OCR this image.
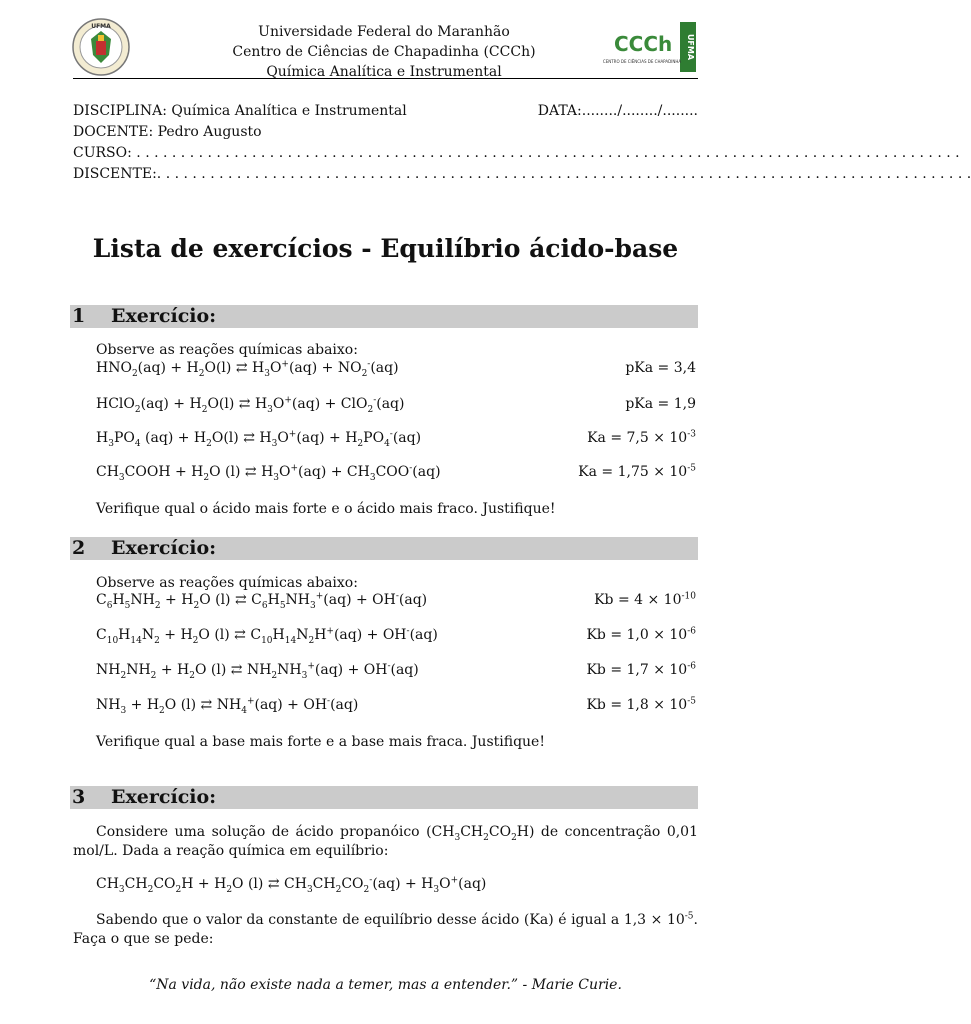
UFMA	Universidade Federal do Maranhão
Centro de Ciências de Chapadinha (CCCh)
Química Analítica e Instrumental
CCCh UFMA
CENTRO DE CIÊNCIAS DE CHAPADINHA
DISCIPLINA: Química Analítica e Instrumental	DATA:......../......../........
DOCENTE: Pedro Augusto
CURSO: . . . . . . . . . . . . . . . . . . . . . . . . . . . . . . . . . . . . . . . . . . . . . . . . . . . . . . . . . . . . . . . . . . . . . . . . . . . . . . . . . . . . . . . . . . . . .
DISCENTE:. . . . . . . . . . . . . . . . . . . . . . . . . . . . . . . . . . . . . . . . . . . . . . . . . . . . . . . . . . . . . . . . . . . . . . . . . . . . . . . . . . . . . . . . . . . .
Lista de exercícios - Equilíbrio ácido-base
1 Exercício:
Observe as reações químicas abaixo:
$HNO_2(aq) + H_2O(l)$ ⇄ $H_3O^+(aq) + NO_2^-(aq)$	pKa = 3,4
HClO$_2$(aq) + $H_2O(l)$ ⇄ $H_3O^+(aq) + ClO_2^-(aq)$	pKa = 1,9
$H_3PO_4$ $(aq) + H_2O(l)$ ⇄ $H_3O^+(aq) + H_2PO_4^-(aq)$	$Ka = 7,5 \times 10^{-3}$
$CH_3COOH + H_2O$ (l) ⇄ $H_3O^+(aq) + CH_3COO^-(aq)$	$Ka = 1,75 \times 10^{-5}$
Verifique qual o ácido mais forte e o ácido mais fraco. Justifique!
2 Exercício:
Observe as reações químicas abaixo:
$C_6H_5NH_2 + H_2O$ (l) ⇄ $C_6H_5NH_3^+(aq) + OH^-(aq)$	$Kb = 4 \times 10^{-10}$
$C_{10}H_{14}N_2 + H_2O$ (l) ⇄ $C_{10}H_{14}N_2H^+(aq) + OH^-(aq)$	$Kb = 1,0 \times 10^{-6}$
$NH_2NH_2 + H_2O$ (l) ⇄ $NH_2NH_3^+(aq) + OH^-(aq)$	$Kb = 1,7 \times 10^{-6}$
$NH_3 + H_2O$ (l) ⇄ $NH_4^+(aq) + OH^-(aq)$	$Kb = 1,8 \times 10^{-5}$
Verifique qual a base mais forte e a base mais fraca. Justifique!
3 Exercício:
Considere uma solução de ácido propanóico $(CH_3CH_2CO_2H)$ de concentração 0,01 mol/L. Dada a reação química em equilíbrio:
$CH_3CH_2CO_2H + H_2O$ (l) ⇄ $CH_3CH_2CO_2^-(aq) + H_3O^+(aq)$
Sabendo que o valor da constante de equilíbrio desse ácido (Ka) é igual a $1,3 \times 10^{-5}$. Faça o que se pede:
“Na vida, não existe nada a temer, mas a entender.” - Marie Curie.
